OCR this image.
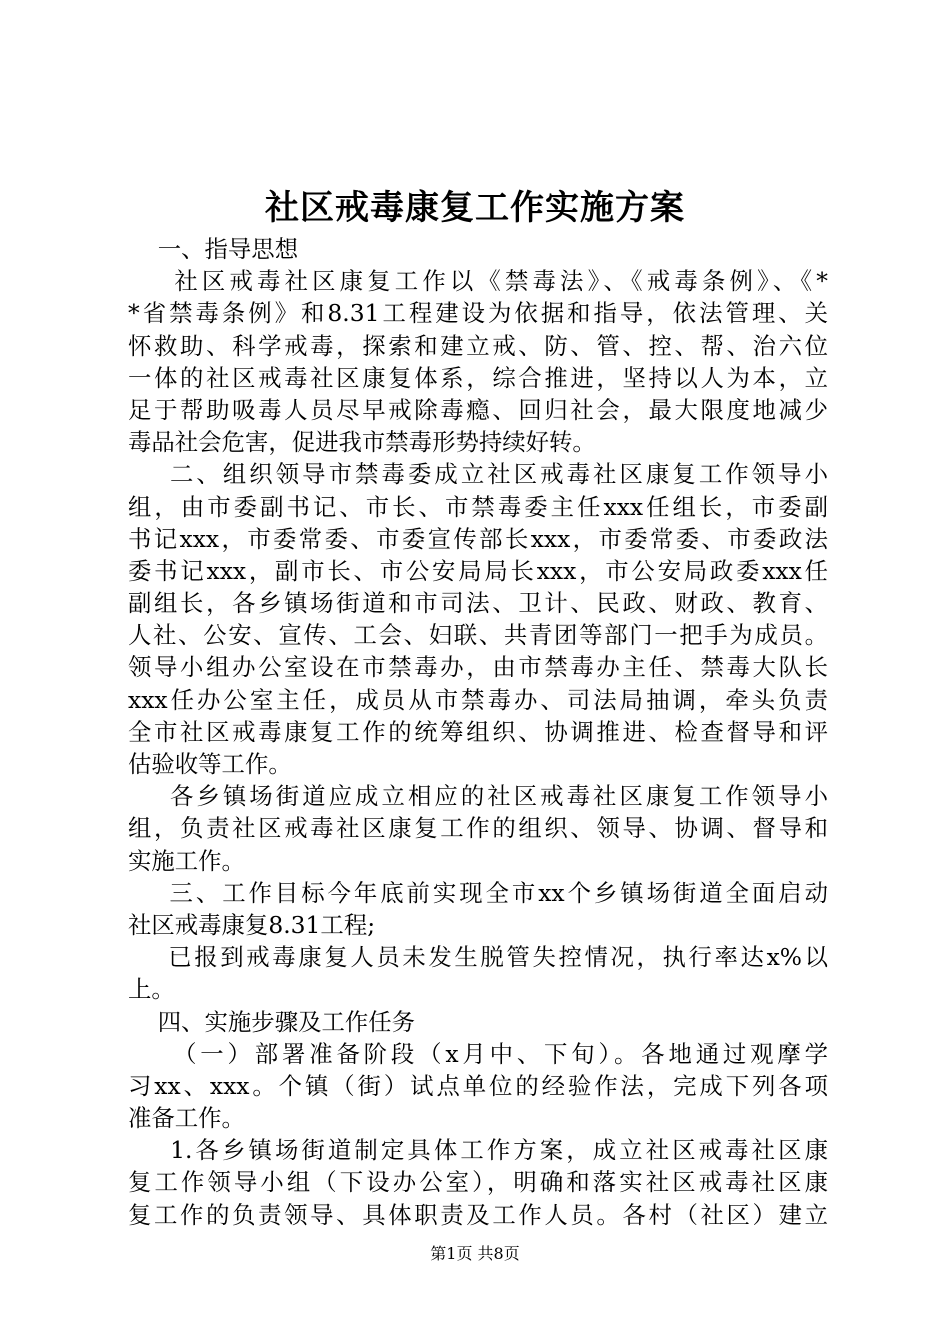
社区戒毒康复工作实施方案
一、指导思想
社区戒毒社区康复工作以《禁毒法》、《戒毒条例》、《*
*省禁毒条例》和8.31工程建设为依据和指导，依法管理、关
怀救助、科学戒毒，探索和建立戒、防、管、控、帮、治六位
一体的社区戒毒社区康复体系，综合推进，坚持以人为本，立
足于帮助吸毒人员尽早戒除毒瘾、回归社会，最大限度地减少
毒品社会危害，促进我市禁毒形势持续好转。
二、组织领导市禁毒委成立社区戒毒社区康复工作领导小
组，由市委副书记、市长、市禁毒委主任xxx任组长，市委副
书记xxx，市委常委、市委宣传部长xxx，市委常委、市委政法
委书记xxx，副市长、市公安局局长xxx，市公安局政委xxx任
副组长，各乡镇场街道和市司法、卫计、民政、财政、教育、
人社、公安、宣传、工会、妇联、共青团等部门一把手为成员。
领导小组办公室设在市禁毒办，由市禁毒办主任、禁毒大队长
xxx任办公室主任，成员从市禁毒办、司法局抽调，牵头负责
全市社区戒毒康复工作的统筹组织、协调推进、检查督导和评
估验收等工作。
各乡镇场街道应成立相应的社区戒毒社区康复工作领导小
组，负责社区戒毒社区康复工作的组织、领导、协调、督导和
实施工作。
三、工作目标今年底前实现全市xx个乡镇场街道全面启动
社区戒毒康复8.31工程;
已报到戒毒康复人员未发生脱管失控情况，执行率达x%以
上。
四、实施步骤及工作任务
（一）部署准备阶段（x月中、下旬）。各地通过观摩学
习xx、xxx。个镇（街）试点单位的经验作法，完成下列各项
准备工作。
1.各乡镇场街道制定具体工作方案，成立社区戒毒社区康
复工作领导小组（下设办公室），明确和落实社区戒毒社区康
复工作的负责领导、具体职责及工作人员。各村（社区）建立
第1页 共8页
